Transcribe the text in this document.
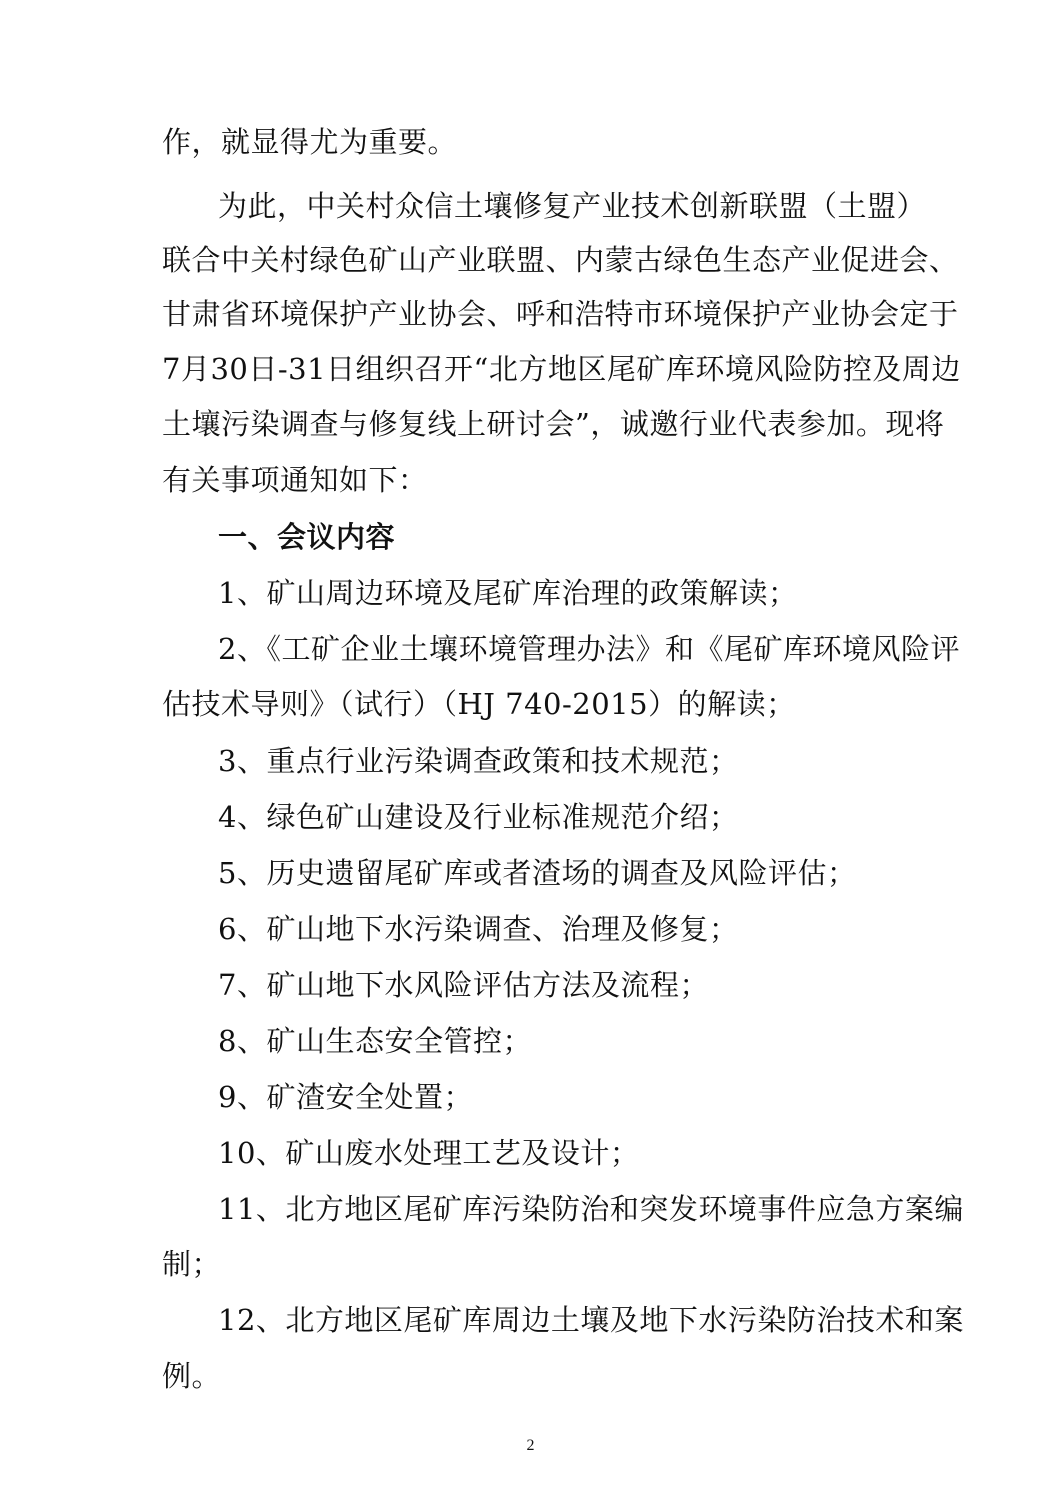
作，就显得尤为重要。
为此，中关村众信土壤修复产业技术创新联盟（土盟）
联合中关村绿色矿山产业联盟、内蒙古绿色生态产业促进会、
甘肃省环境保护产业协会、呼和浩特市环境保护产业协会定于
7月30日-31日组织召开“北方地区尾矿库环境风险防控及周边
土壤污染调查与修复线上研讨会”，诚邀行业代表参加。现将
有关事项通知如下：
一、会议内容
1、矿山周边环境及尾矿库治理的政策解读；
2、《工矿企业土壤环境管理办法》和《尾矿库环境风险评
估技术导则》（试行）（HJ 740-2015）的解读；
3、重点行业污染调查政策和技术规范；
4、绿色矿山建设及行业标准规范介绍；
5、历史遗留尾矿库或者渣场的调查及风险评估；
6、矿山地下水污染调查、治理及修复；
7、矿山地下水风险评估方法及流程；
8、矿山生态安全管控；
9、矿渣安全处置；
10、矿山废水处理工艺及设计；
11、北方地区尾矿库污染防治和突发环境事件应急方案编
制；
12、北方地区尾矿库周边土壤及地下水污染防治技术和案
例。
2
